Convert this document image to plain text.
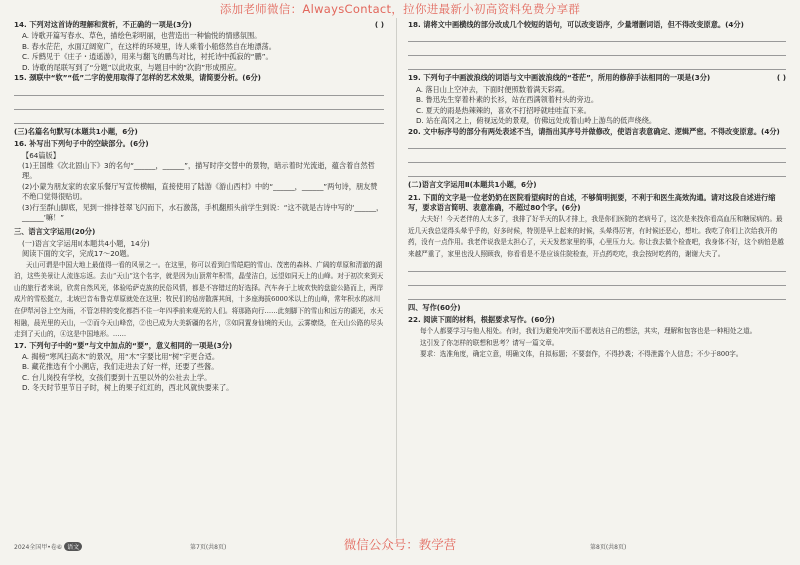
添加老师微信：AlwaysContact，拉你进最新小初高资料免费分享群
14. 下列对这首诗的理解和赏析，不正确的一项是(3分)	( )
A. 诗歌开篇写春水、草色，描绘色彩明丽，也营造出一种愉悦的情感氛围。
B. 春水茫茫，水面辽阔宽广，在这样的环境里，诗人乘着小船悠然自在地漂荡。
C. 斥鹧见于《庄子・逍遥游》，用来与翻飞的鹏鸟对比，衬托诗中孤寂的“鹏”。
D. 诗歌的尾联写到了“分题”以此收束，与题目中的“次韵”形成照应。
15. 颈联中“软”“低”二字的使用取得了怎样的艺术效果，请简要分析。(6分)
(三)名篇名句默写(本题共1小题，6分)
16. 补写出下列句子中的空缺部分。(6分)
【64篇版】
(1)王国维《次北固山下》3的名句“______，______”，描写时序交替中的景物，暗示着时光流逝，蕴含着自然哲理。
(2)小蒙为朋友家的农家乐餐厅写宣传横幅，直接使用了陆游《游山西村》中的“______，______”两句诗，朋友赞不绝口觉得很贴切。
(3)行至群山脚底，见到一排排苍翠飞闪而下，水石激荡，手机翻照头前学生到说：“这不就是古诗中写的‘______，______’嘛！”
三、语言文字运用(20分)
(一)语言文字运用Ⅰ(本题共4小题，14分)
阅读下面的文字，完成17～20题。
天山可谓是中国大地上最值得一看的风景之一。在这里，你可以看到白雪皑皑的雪山、茂密的森林、广阔的草原和清澈的湖泊，这些美景让人流连忘返。去山“天山”这个名字，就是因为山顶常年积雪，晶莹洁白，远望如同天上的山峰。对于初次来到天山的旅行者来说，欣赏自然风光，体验哈萨克族的民俗风情，都是不容错过的好选择。汽车奔于上坡欢快的盘旋公路而上，两岸成片的雪松挺立，北坡巴音布鲁克草原就处在这里；牧民们的毡房散落其间，十多座海拔6000米以上的山峰，常年积水的冰川在伊犁河谷上空为雨，不管怎样的变化都挡不住一年四季前来观光的人们。将那路向行……此刻脚下的雪山和远方的湖光，水天相融，晨光里的天山，一②而今天山峰峦，②也已成为大美新疆的名片，③如同置身仙境的天山，云雾缭绕，在天山公路的尽头走到了天山的，④这是中国地形。……
17. 下列句子中的“要”与文中加点的“要”，意义相同的一项是(3分)
A. 揭榜“寒风扫高木”的景况，用“木”字要比用“树”字更合适。
B. 藏花推选有个小溯店，我们走进去了好一样，还要了些酱。
C. 台儿岗投有学校，女孩们要到十五里以外的公社去上学。
D. 冬天时节里节日子时，树上的果子红红的，西北风就快要来了。
18. 请将文中画横线的部分改成几个较短的语句，可以改变语序，少量增删词语，但不得改变原意。(4分)
19. 下列句子中画波浪线的词语与文中画波浪线的“苍茫”，所用的修辞手法相同的一项是(3分)	( )
A. 落日山上空冲去，下面时便照数着满天彩霞。
B. 鲁迅先生穿着朴素的长衫，站在西满领着村头的旁边。
C. 夏天的雨是热辣辣的，喜欢不打招呼就哇哇直下来。
D. 站在高冈之上，俯视远处的景观，仿佛远处成着山岭上游鸟的低声绕绕。
20. 文中标序号的部分有两处表述不当，请指出其序号并做修改，使语言表意确定、逻辑严密。不得改变原意。(4分)
(二)语言文字运用Ⅱ(本题共1小题，6分)
21. 下面的文字是一位老奶奶在医院看望病时的自述，不够简明扼要，不利于和医生高效沟通。请对这段自述进行缩写，要求语言简明、表意准确，不超过80个字。(6分)
大夫好！今天老伴的人太多了，我排了好半天的队才排上，我是你们医院的老病号了，这次是来找你看高血压和糖尿病的。最近几天我总觉得头晕乎乎的，好多时候，特别是早上起来的时候，头晕得厉害，有时候还恶心，想吐。我吃了你们上次给我开的药，没有一点作用。我老伴说我是太担心了，天天发愁家里的事，心里压力大。你让我去做个检查吧，我身体不好，这个病怕是越来越严重了，家里也没人照顾我，你看看是不是应该住院检查，开点药吃吃，我会按时吃药的，谢谢大夫了。
四、写作(60分)
22. 阅读下面的材料，根据要求写作。(60分)
每个人都要学习与他人相处。有时，我们为避免冲突而不愿表达自己的想法，其实，理解和包容也是一种相处之道。
这引发了你怎样的联想和思考？请写一篇文章。
要求：选准角度，确定立意，明确文体，自拟标题；不要套作，不得抄袭；不得泄露个人信息；不少于800字。
2024全国甲•卷⑥ 语文	第7页(共8页)	第8页(共8页)
微信公众号：教学营
